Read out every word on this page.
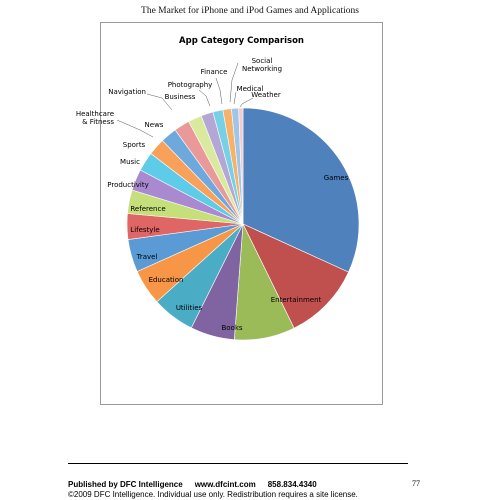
The Market for iPhone and iPod Games and Applications
App Category Comparison
Games
Entertainment
Books
Utilities
Education
Travel
Lifestyle
Reference
Productivity
Music
Sports
Healthcare & Fitness	News
Navigation
Business
Photography
Finance
Social Networking
Medical
Weather
Published by DFC Intelligence www.dfcint.com 858.834.4340
©2009 DFC Intelligence. Individual use only. Redistribution requires a site license.
77
